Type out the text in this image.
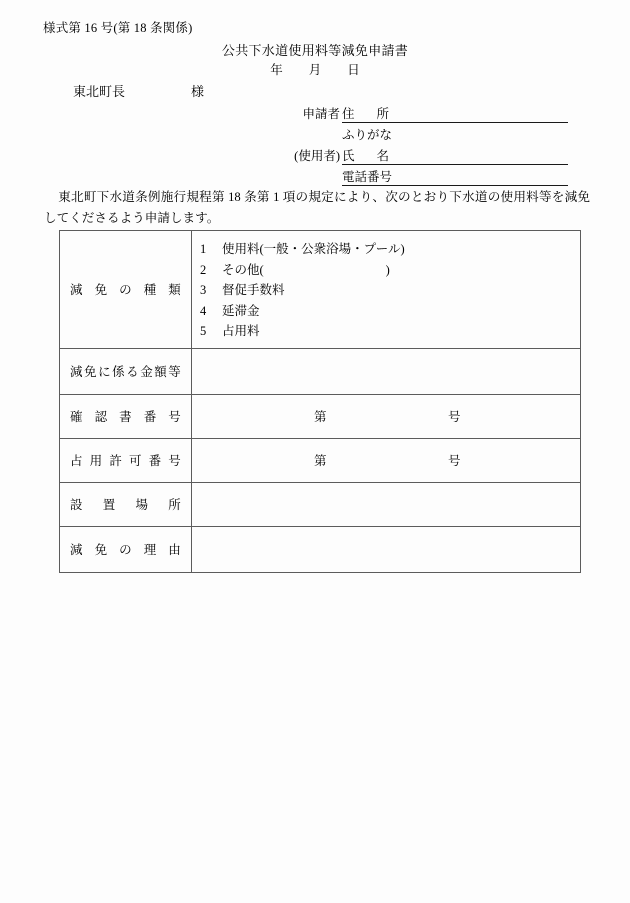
様式第 16 号(第 18 条関係)
公共下水道使用料等減免申請書
年 月 日
東北町長	様
申請者 住 所
ふりがな
(使用者) 氏 名
電話番号
東北町下水道条例施行規程第 18 条第 1 項の規定により、次のとおり下水道の使用料等を減免してくださるよう申請します。
減免の種類	1 使用料(一般・公衆浴場・プール)
2 その他( )
3 督促手数料
4 延滞金
5 占用料

減免に係る金額等	

確認書番号	第 号

占用許可番号	第 号

設置場所	

減免の理由	
